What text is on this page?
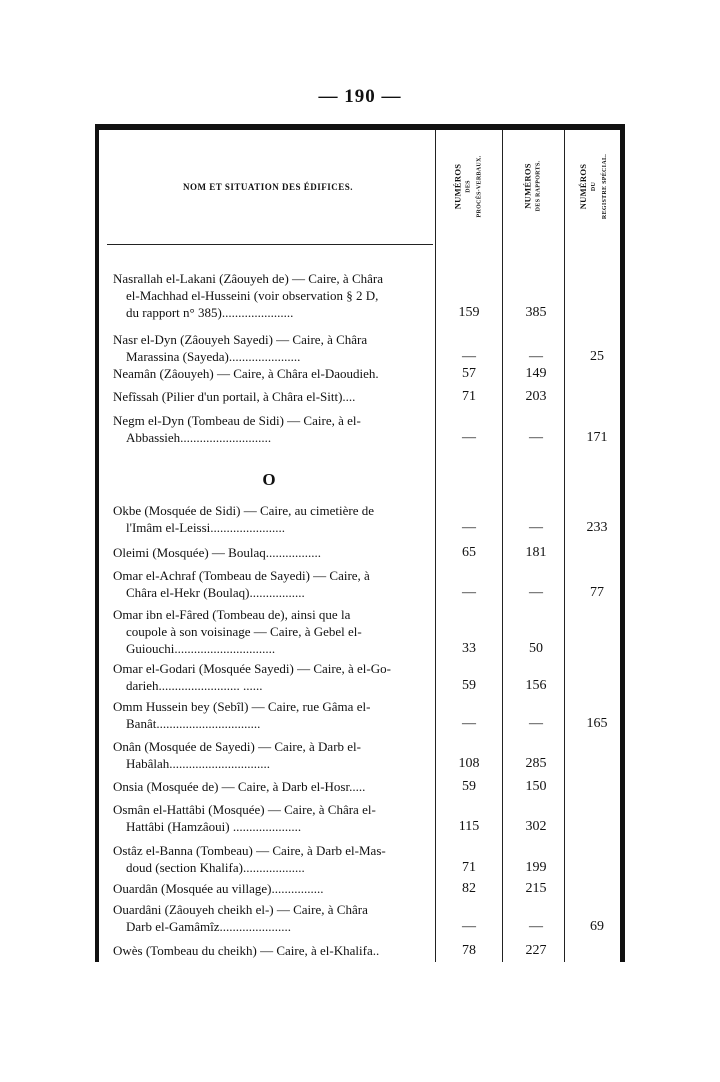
— 190 —
NOM ET SITUATION DES ÉDIFICES.	NUMÉROS DES PROCÈS-VERBAUX.	NUMÉROS DES RAPPORTS.	NUMÉROS DU REGISTRE SPÉCIAL.
O
Nasrallah el-Lakani (Zâouyeh de) — Caire, à Châra
el-Machhad el-Husseini (voir observation § 2 D,
du rapport n° 385)......................	159	385
Nasr el-Dyn (Zâouyeh Sayedi) — Caire, à Châra
Marassina (Sayeda)......................	—	—	25
Neamân (Zâouyeh) — Caire, à Châra el-Daoudieh.	57	149
Nefîssah (Pilier d'un portail, à Châra el-Sitt)....	71	203
Negm el-Dyn (Tombeau de Sidi) — Caire, à el-
Abbassieh............................	—	—	171
Okbe (Mosquée de Sidi) — Caire, au cimetière de
l'Imâm el-Leissi.......................	—	—	233
Oleimi (Mosquée) — Boulaq.................	65	181
Omar el-Achraf (Tombeau de Sayedi) — Caire, à
Châra el-Hekr (Boulaq).................	—	—	77
Omar ibn el-Fâred (Tombeau de), ainsi que la
coupole à son voisinage — Caire, à Gebel el-
Guiouchi...............................	33	50
Omar el-Godari (Mosquée Sayedi) — Caire, à el-Go-
darieh......................... ......	59	156
Omm Hussein bey (Sebîl) — Caire, rue Gâma el-
Banât................................	—	—	165
Onân (Mosquée de Sayedi) — Caire, à Darb el-
Habâlah...............................	108	285
Onsia (Mosquée de) — Caire, à Darb el-Hosr.....	59	150
Osmân el-Hattâbi (Mosquée) — Caire, à Châra el-
Hattâbi (Hamzâoui) .....................	115	302
Ostâz el-Banna (Tombeau) — Caire, à Darb el-Mas-
doud (section Khalifa)...................	71	199
Ouardân (Mosquée au village)................	82	215
Ouardâni (Zâouyeh cheikh el-) — Caire, à Châra
Darb el-Gamâmîz......................	—	—	69
Owès (Tombeau du cheikh) — Caire, à el-Khalifa..	78	227
